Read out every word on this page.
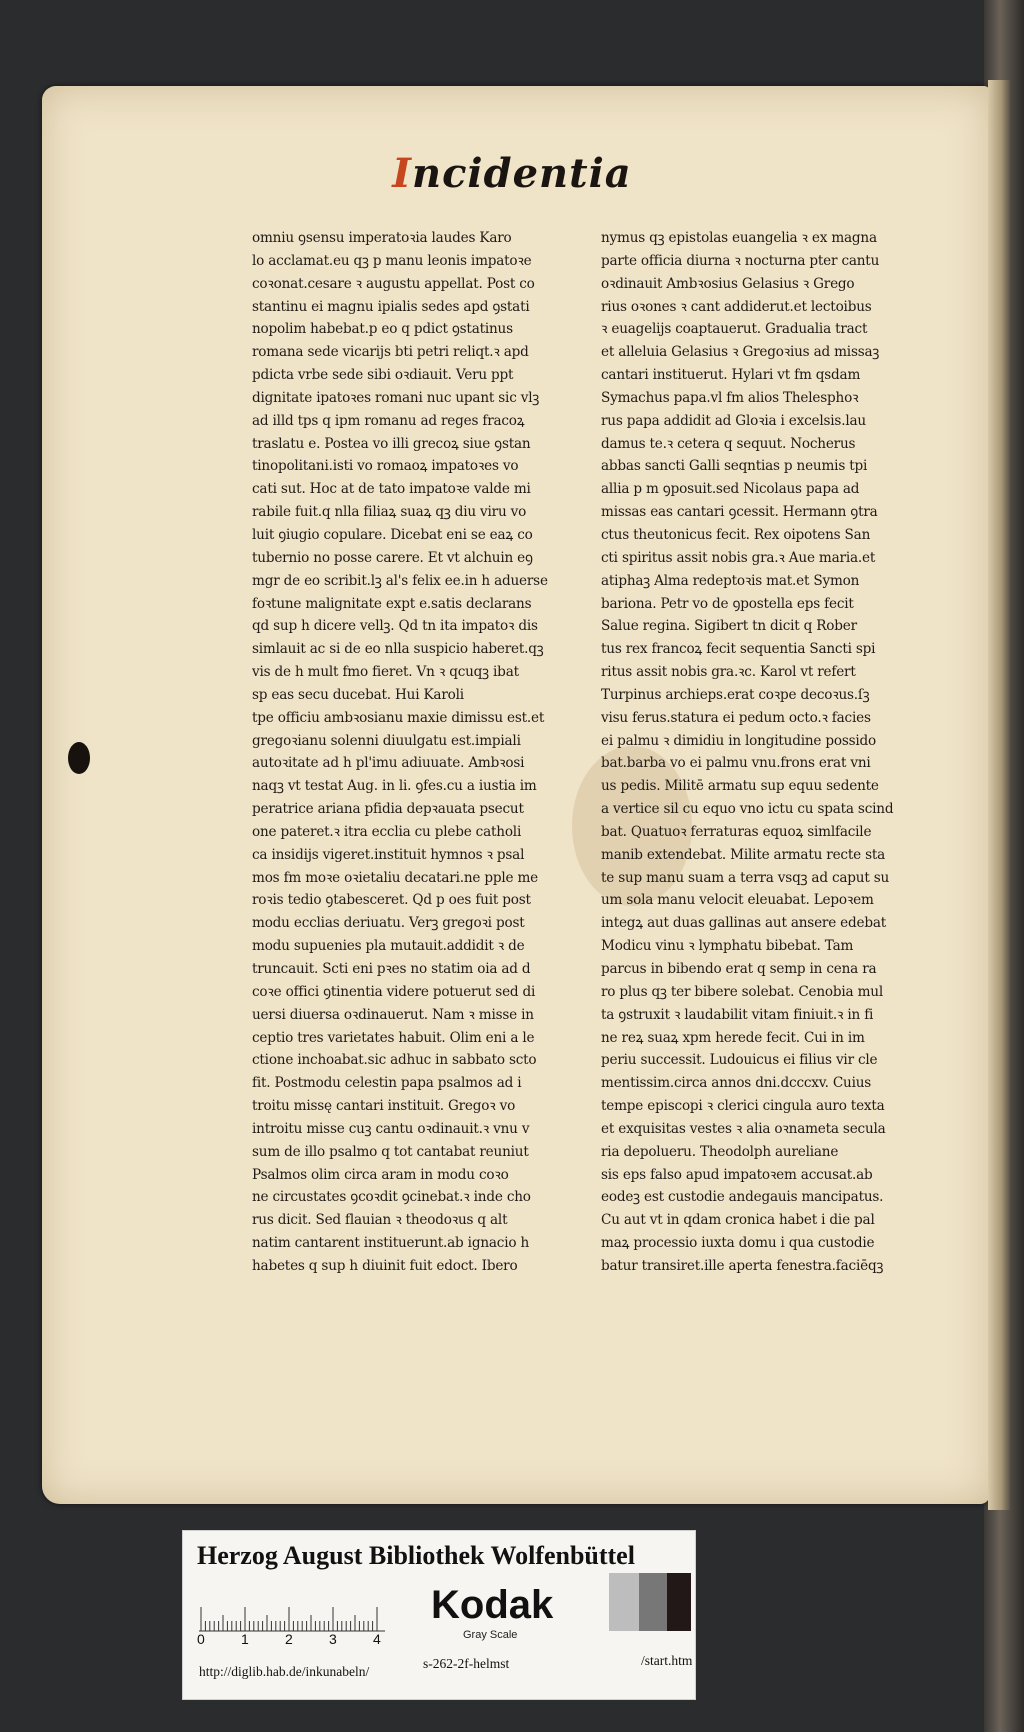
Incidentia
omniu ꝯsensu imperatoꝛia laudes Karo
lo acclamat.eu qꝫ p manu leonis impatoꝛe
coꝛonat.cesare ꝛ augustu appellat. Post co
stantinu ei magnu ipialis sedes apd ꝯstati
nopolim habebat.p eo q pdict ꝯstatinus
romana sede vicarijs bti petri reliqt.ꝛ apd
pdicta vrbe sede sibi oꝛdiauit. Veru ppt
dignitate ipatoꝛes romani nuc upant sic vlꝫ
ad illd tps q ipm romanu ad reges fracoꝝ
traslatu e. Postea vo illi grecoꝝ siue ꝯstan
tinopolitani.isti vo romaoꝝ impatoꝛes vo
cati sut. Hoc at de tato impatoꝛe valde mi
rabile fuit.q nlla filiaꝝ suaꝝ qꝫ diu viru vo
luit ꝯiugio copulare. Dicebat eni se eaꝝ co
tubernio no posse carere. Et vt alchuin eꝯ
mgr de eo scribit.lꝫ al's felix ee.in h aduerse
foꝛtune malignitate expt e.satis declarans
qd sup h dicere vellꝫ. Qd tn ita impatoꝛ dis
simlauit ac si de eo nlla suspicio haberet.qꝫ
vis de h mult fmo fieret. Vn ꝛ qcuqꝫ ibat
sp eas secu ducebat. Hui Karoli
tpe officiu ambꝛosianu maxie dimissu est.et
gregoꝛianu solenni diuulgatu est.impiali
autoꝛitate ad h pl'imu adiuuate. Ambꝛosi
naqꝫ vt testat Aug. in li. ꝯfes.cu a iustia im
peratrice ariana pfidia depꝛauata psecut
one pateret.ꝛ itra ecclia cu plebe catholi
ca insidijs vigeret.instituit hymnos ꝛ psal
mos fm moꝛe oꝛietaliu decatari.ne pple me
roꝛis tedio ꝯtabesceret. Qd p oes fuit post
modu ecclias deriuatu. Verꝫ gregoꝛi post
modu supuenies pla mutauit.addidit ꝛ de
truncauit. Scti eni pꝛes no statim oia ad d
coꝛe offici ꝯtinentia videre potuerut sed di
uersi diuersa oꝛdinauerut. Nam ꝛ misse in
ceptio tres varietates habuit. Olim eni a le
ctione inchoabat.sic adhuc in sabbato scto
fit. Postmodu celestin papa psalmos ad i
troitu missę cantari instituit. Gregoꝛ vo
introitu misse cuꝫ cantu oꝛdinauit.ꝛ vnu v
sum de illo psalmo q tot cantabat reuniut
Psalmos olim circa aram in modu coꝛo
ne circustates ꝯcoꝛdit ꝯcinebat.ꝛ inde cho
rus dicit. Sed flauian ꝛ theodoꝛus q alt
natim cantarent instituerunt.ab ignacio h
habetes q sup h diuinit fuit edoct. Ibero
nymus qꝫ epistolas euangelia ꝛ ex magna
parte officia diurna ꝛ nocturna pter cantu
oꝛdinauit Ambꝛosius Gelasius ꝛ Grego
rius oꝛones ꝛ cant addiderut.et lectoibus
ꝛ euagelijs coaptauerut. Gradualia tract
et alleluia Gelasius ꝛ Gregoꝛius ad missaꝫ
cantari instituerut. Hylari vt fm qsdam
Symachus papa.vl fm alios Thelesphoꝛ
rus papa addidit ad Gloꝛia i excelsis.lau
damus te.ꝛ cetera q sequut. Nocherus
abbas sancti Galli seqntias p neumis tpi
allia p m ꝯposuit.sed Nicolaus papa ad
missas eas cantari ꝯcessit. Hermann ꝯtra
ctus theutonicus fecit. Rex oipotens San
cti spiritus assit nobis gra.ꝛ Aue maria.et
atiphaꝫ Alma redeptoꝛis mat.et Symon
bariona. Petr vo de ꝯpostella eps fecit
Salue regina. Sigibert tn dicit q Rober
tus rex francoꝝ fecit sequentia Sancti spi
ritus assit nobis gra.ꝛc. Karol vt refert
Turpinus archieps.erat coꝛpe decoꝛus.ſꝫ
visu ferus.statura ei pedum octo.ꝛ facies
ei palmu ꝛ dimidiu in longitudine possido
bat.barba vo ei palmu vnu.frons erat vni
us pedis. Militē armatu sup equu sedente
a vertice sil cu equo vno ictu cu spata scind
bat. Quatuoꝛ ferraturas equoꝝ simlfacile
manib extendebat. Milite armatu recte sta
te sup manu suam a terra vsqꝫ ad caput su
um sola manu velocit eleuabat. Lepoꝛem
integꝝ aut duas gallinas aut ansere edebat
Modicu vinu ꝛ lymphatu bibebat. Tam
parcus in bibendo erat q semp in cena ra
ro plus qꝫ ter bibere solebat. Cenobia mul
ta ꝯstruxit ꝛ laudabilit vitam finiuit.ꝛ in fi
ne reꝝ suaꝝ xpm herede fecit. Cui in im
periu successit. Ludouicus ei filius vir cle
mentissim.circa annos dni.dcccxv. Cuius
tempe episcopi ꝛ clerici cingula auro texta
et exquisitas vestes ꝛ alia oꝛnameta secula
ria depolueru. Theodolph aureliane
sis eps falso apud impatoꝛem accusat.ab
eodeꝫ est custodie andegauis mancipatus.
Cu aut vt in qdam cronica habet i die pal
maꝝ processio iuxta domu i qua custodie
batur transiret.ille aperta fenestra.faciēqꝫ
Herzog August Bibliothek Wolfenbüttel
0	1	2	3	4
Kodak
Gray Scale
http://diglib.hab.de/inkunabeln/
s-262-2f-helmst	/start.htm
